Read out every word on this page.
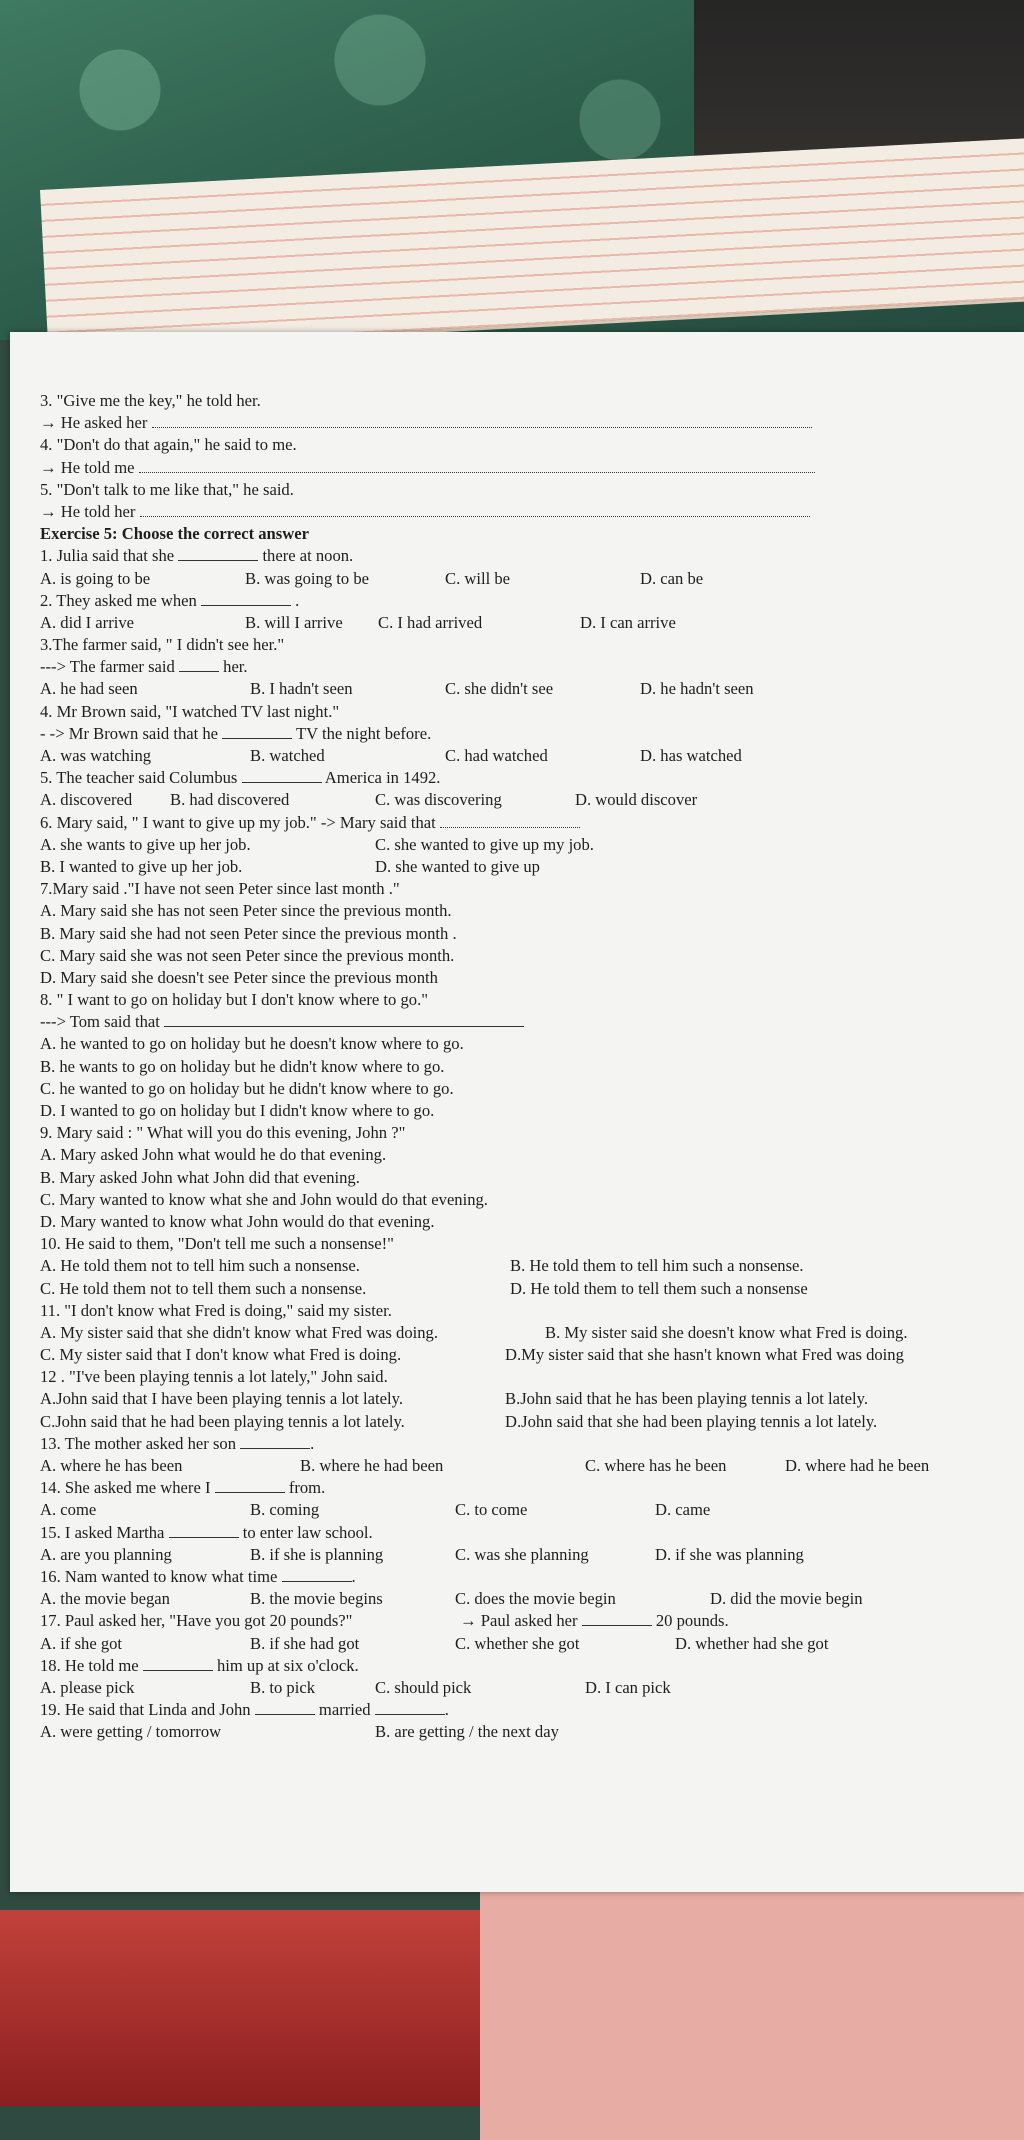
3. "Give me the key," he told her.
→ He asked her
4. "Don't do that again," he said to me.
→ He told me
5. "Don't talk to me like that," he said.
→ He told her
Exercise 5: Choose the correct answer
1. Julia said that she	there at noon.
A. is going to be	B. was going to be	C. will be	D. can be
2. They asked me when	.
A. did I arrive	B. will I arrive C. I had arrived	D. I can arrive
3.The farmer said, " I didn't see her."
---> The farmer said	her.
A. he had seen	B. I hadn't seen	C. she didn't see	D. he hadn't seen
4. Mr Brown said, "I watched TV last night."
- -> Mr Brown said that he	TV the night before.
A. was watching	B. watched	C. had watched	D. has watched
5. The teacher said Columbus	America in 1492.
A. discovered B. had discovered	C. was discovering	D. would discover
6. Mary said, " I want to give up my job." -> Mary said that
A. she wants to give up her job.	C. she wanted to give up my job.
B. I wanted to give up her job.	D. she wanted to give up
7.Mary said ."I have not seen Peter since last month ."
A. Mary said she has not seen Peter since the previous month.
B. Mary said she had not seen Peter since the previous month .
C. Mary said she was not seen Peter since the previous month.
D. Mary said she doesn't see Peter since the previous month
8. " I want to go on holiday but I don't know where to go."
---> Tom said that
A. he wanted to go on holiday but he doesn't know where to go.
B. he wants to go on holiday but he didn't know where to go.
C. he wanted to go on holiday but he didn't know where to go.
D. I wanted to go on holiday but I didn't know where to go.
9. Mary said : " What will you do this evening, John ?"
A. Mary asked John what would he do that evening.
B. Mary asked John what John did that evening.
C. Mary wanted to know what she and John would do that evening.
D. Mary wanted to know what John would do that evening.
10. He said to them, "Don't tell me such a nonsense!"
A. He told them not to tell him such a nonsense.	B. He told them to tell him such a nonsense.
C. He told them not to tell them such a nonsense.	D. He told them to tell them such a nonsense
11. "I don't know what Fred is doing," said my sister.
A. My sister said that she didn't know what Fred was doing.	B. My sister said she doesn't know what Fred is doing.
C. My sister said that I don't know what Fred is doing.	D.My sister said that she hasn't known what Fred was doing
12 . "I've been playing tennis a lot lately," John said.
A.John said that I have been playing tennis a lot lately.	B.John said that he has been playing tennis a lot lately.
C.John said that he had been playing tennis a lot lately.	D.John said that she had been playing tennis a lot lately.
13. The mother asked her son	.
A. where he has been	B. where he had been	C. where has he been	D. where had he been
14. She asked me where I	from.
A. come	B. coming	C. to come	D. came
15. I asked Martha	to enter law school.
A. are you planning	B. if she is planning	C. was she planning	D. if she was planning
16. Nam wanted to know what time	.
A. the movie began	B. the movie begins	C. does the movie begin	D. did the movie begin
17. Paul asked her, "Have you got 20 pounds?"	→ Paul asked her	20 pounds.
A. if she got	B. if she had got	C. whether she got	D. whether had she got
18. He told me	him up at six o'clock.
A. please pick	B. to pick	C. should pick	D. I can pick
19. He said that Linda and John	married	.
A. were getting / tomorrow	B. are getting / the next day
